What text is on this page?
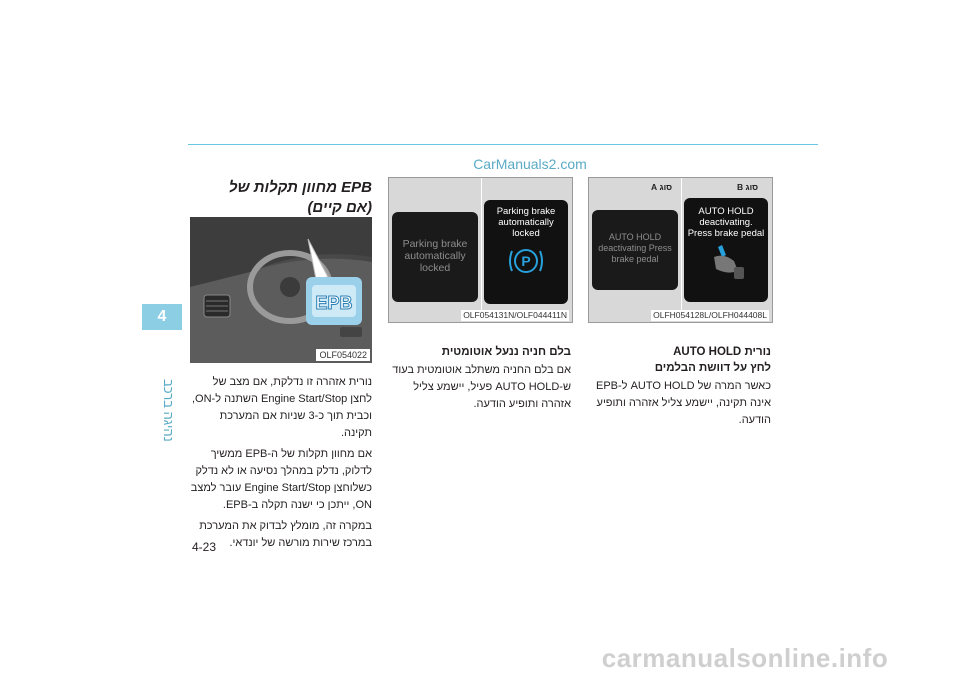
CarManuals2.com
4
נהיגה ברכב
4-23
EPB מחוון תקלות של
(אם קיים)
EPB
OLF054022

נורית אזהרה זו נדלקת, אם מצב של לחצן Engine Start/Stop השתנה ל-ON, וכבית תוך כ-3 שניות אם המערכת תקינה.

אם מחוון תקלות של ה-EPB ממשיך לדלוק, נדלק במהלך נסיעה או לא נדלק כשלוחצן Engine Start/Stop עובר למצב ON, ייתכן כי ישנה תקלה ב-EPB.

במקרה זה, מומלץ לבדוק את המערכת במרכז שירות מורשה של יונדאי.

Parking brake automatically locked
Parking brake automatically locked
P
OLF054131N/OLF044411N
בלם חניה ננעל אוטומטית

אם בלם החניה משתלב אוטומטית בעוד ש-AUTO HOLD פעיל, יישמע צליל אזהרה ותופיע הודעה.

סוג A	סוג B
AUTO HOLD deactivating Press brake pedal
AUTO HOLD
deactivating.
Press brake pedal
OLFH054128L/OLFH044408L
נורית AUTO HOLD
לחץ על דוושת הבלמים

כאשר המרה של AUTO HOLD ל-EPB אינה תקינה, יישמע צליל אזהרה ותופיע הודעה.

carmanualsonline.info
